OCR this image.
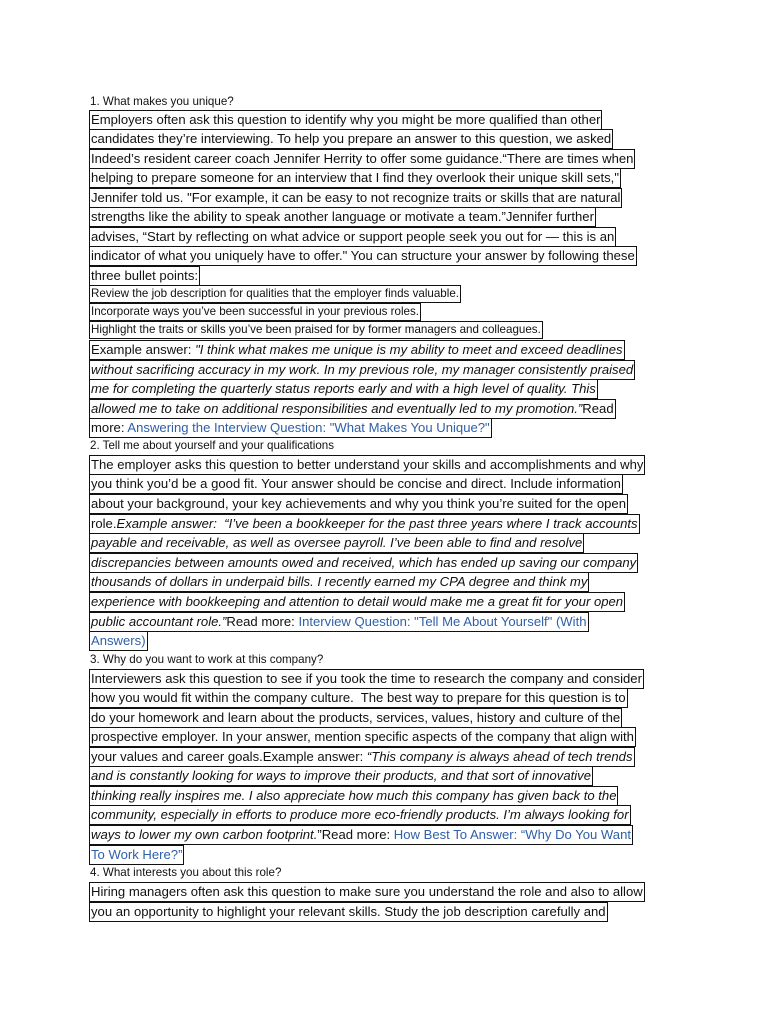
1. What makes you unique?
Employers often ask this question to identify why you might be more qualified than other
candidates they’re interviewing. To help you prepare an answer to this question, we asked
Indeed’s resident career coach Jennifer Herrity to offer some guidance.“There are times when
helping to prepare someone for an interview that I find they overlook their unique skill sets,"
Jennifer told us. "For example, it can be easy to not recognize traits or skills that are natural
strengths like the ability to speak another language or motivate a team.”Jennifer further
advises, “Start by reflecting on what advice or support people seek you out for — this is an
indicator of what you uniquely have to offer." You can structure your answer by following these
three bullet points:
Review the job description for qualities that the employer finds valuable.
Incorporate ways you’ve been successful in your previous roles.
Highlight the traits or skills you’ve been praised for by former managers and colleagues.
Example answer: "I think what makes me unique is my ability to meet and exceed deadlines
without sacrificing accuracy in my work. In my previous role, my manager consistently praised
me for completing the quarterly status reports early and with a high level of quality. This
allowed me to take on additional responsibilities and eventually led to my promotion.”Read
more: Answering the Interview Question: "What Makes You Unique?"
2. Tell me about yourself and your qualifications
The employer asks this question to better understand your skills and accomplishments and why
you think you’d be a good fit. Your answer should be concise and direct. Include information
about your background, your key achievements and why you think you’re suited for the open
role.Example answer:  “I’ve been a bookkeeper for the past three years where I track accounts
payable and receivable, as well as oversee payroll. I’ve been able to find and resolve
discrepancies between amounts owed and received, which has ended up saving our company
thousands of dollars in underpaid bills. I recently earned my CPA degree and think my
experience with bookkeeping and attention to detail would make me a great fit for your open
public accountant role.”Read more: Interview Question: "Tell Me About Yourself" (With
Answers)
3. Why do you want to work at this company?
Interviewers ask this question to see if you took the time to research the company and consider
how you would fit within the company culture.  The best way to prepare for this question is to
do your homework and learn about the products, services, values, history and culture of the
prospective employer. In your answer, mention specific aspects of the company that align with
your values and career goals.Example answer: “This company is always ahead of tech trends
and is constantly looking for ways to improve their products, and that sort of innovative
thinking really inspires me. I also appreciate how much this company has given back to the
community, especially in efforts to produce more eco-friendly products. I’m always looking for
ways to lower my own carbon footprint.”Read more: How Best To Answer: “Why Do You Want
To Work Here?”
4. What interests you about this role?
Hiring managers often ask this question to make sure you understand the role and also to allow
you an opportunity to highlight your relevant skills. Study the job description carefully and
